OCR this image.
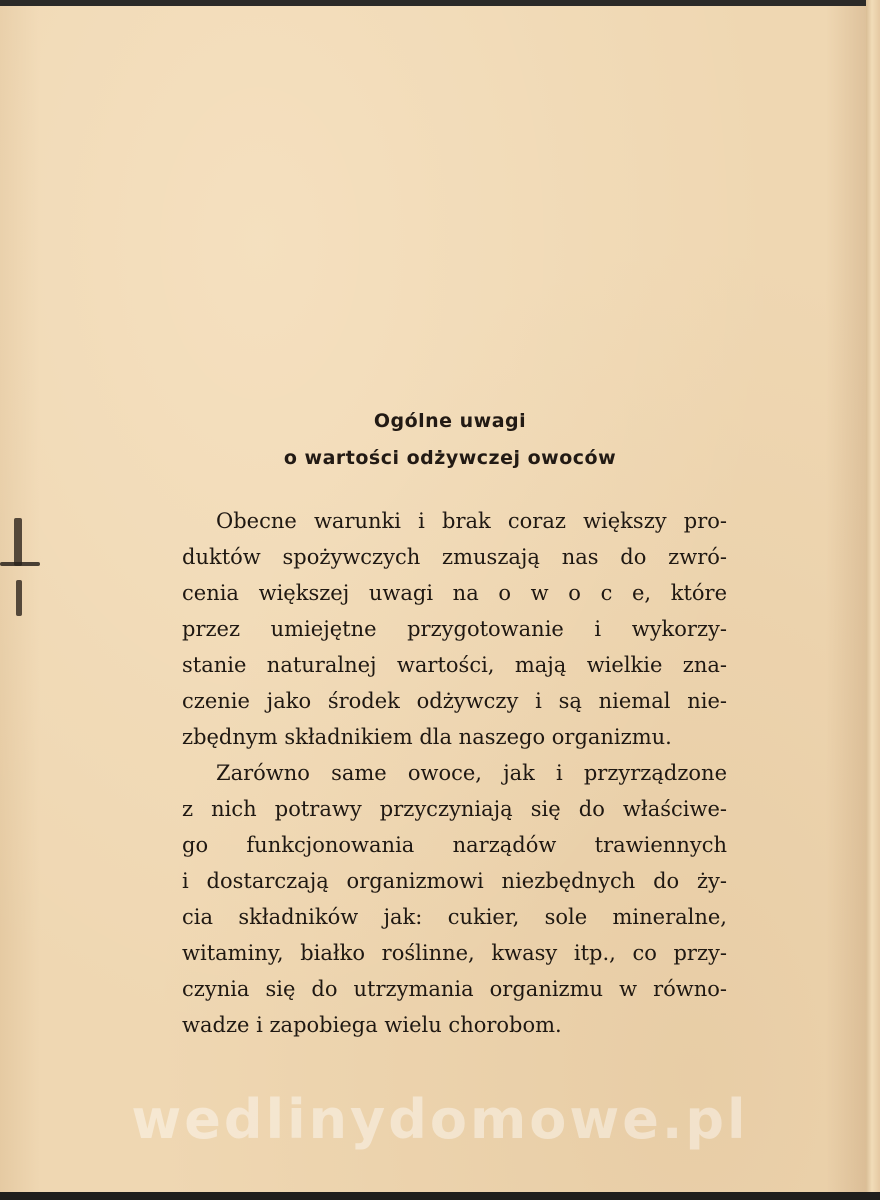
Ogólne uwagi
o wartości odżywczej owoców
Obecne warunki i brak coraz większy pro-
duktów spożywczych zmuszają nas do zwró-
cenia większej uwagi na o w o c e, które
przez umiejętne przygotowanie i wykorzy-
stanie naturalnej wartości, mają wielkie zna-
czenie jako środek odżywczy i są niemal nie-
zbędnym składnikiem dla naszego organizmu.
Zarówno same owoce, jak i przyrządzone
z nich potrawy przyczyniają się do właściwe-
go funkcjonowania narządów trawiennych
i dostarczają organizmowi niezbędnych do ży-
cia składników jak: cukier, sole mineralne,
witaminy, białko roślinne, kwasy itp., co przy-
czynia się do utrzymania organizmu w równo-
wadze i zapobiega wielu chorobom.
wedlinydomowe.pl
